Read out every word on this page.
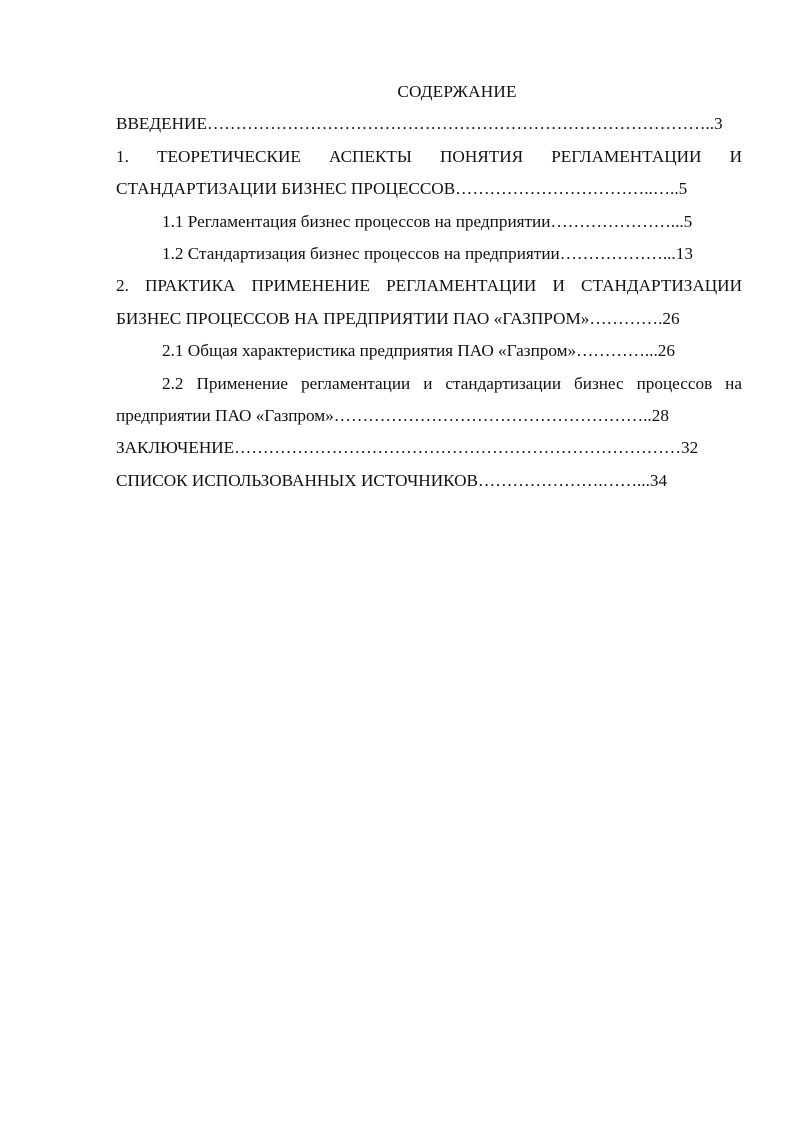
СОДЕРЖАНИЕ
ВВЕДЕНИЕ……………………………………………………………………………..3
1. ТЕОРЕТИЧЕСКИЕ АСПЕКТЫ ПОНЯТИЯ РЕГЛАМЕНТАЦИИ И
СТАНДАРТИЗАЦИИ БИЗНЕС ПРОЦЕССОВ……………………………..…..5
1.1 Регламентация бизнес процессов на предприятии…………………...5
1.2 Стандартизация бизнес процессов на предприятии………………...13
2. ПРАКТИКА ПРИМЕНЕНИЕ РЕГЛАМЕНТАЦИИ И СТАНДАРТИЗАЦИИ
БИЗНЕС ПРОЦЕССОВ НА ПРЕДПРИЯТИИ ПАО «ГАЗПРОМ»………….26
2.1 Общая характеристика предприятия ПАО «Газпром»…………...26
2.2 Применение регламентации и стандартизации бизнес процессов на
предприятии ПАО «Газпром»………………………………………………..28
ЗАКЛЮЧЕНИЕ……………………………………………………………………32
СПИСОК ИСПОЛЬЗОВАННЫХ ИСТОЧНИКОВ………………….……...34
